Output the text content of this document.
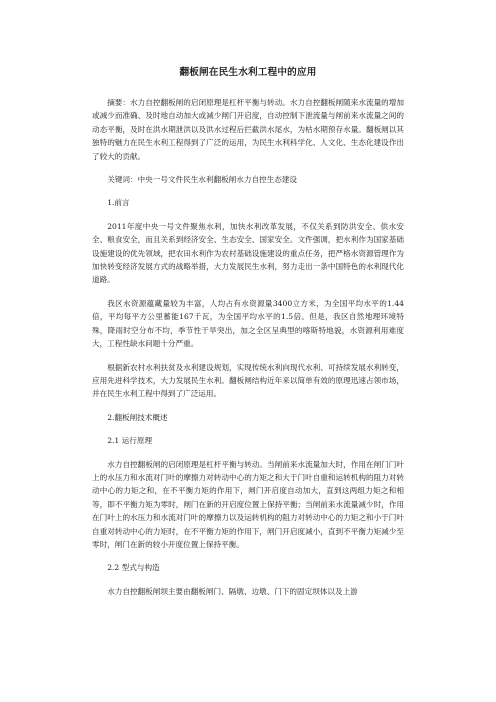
翻板闸在民生水利工程中的应用

摘要：水力自控翻板闸的启闭原理是杠杆平衡与转动。水力自控翻板闸随来水流量的增加或减少而准确、及时地自动加大或减少闸门开启度，自动控制下泄流量与闸前来水流量之间的动态平衡，及时在洪水期泄洪以及洪水过程后拦截洪水尾水，为枯水期预存水量。翻板闸以其独特的魅力在民生水利工程得到了广泛的运用，为民生水利科学化、人文化、生态化建设作出了较大的贡献。

关键词：中央一号文件民生水利翻板闸水力自控生态建设

1.前言

2011年度中央一号文件聚焦水利，加快水利改革发展，不仅关系到防洪安全、供水安全、粮食安全，而且关系到经济安全、生态安全、国家安全。文件强调，把水利作为国家基础设施建设的优先领域，把农田水利作为农村基础设施建设的重点任务，把严格水资源管理作为加快转变经济发展方式的战略举措，大力发展民生水利，努力走出一条中国特色的水利现代化道路。

我区水资源蕴藏量较为丰富，人均占有水资源量3400立方米，为全国平均水平的1.44倍，平均每平方公里蓄能167千瓦，为全国平均水平的1.5倍。但是，我区自然地理环境特殊，降雨时空分布不均，季节性干旱突出，加之全区呈典型的喀斯特地貌，水资源利用难度大，工程性缺水问题十分严重。

根据新农村水利扶贫及水利建设规划，实现传统水利向现代水利、可持续发展水利转变，应用先进科学技术，大力发展民生水利。翻板闸结构近年来以简单有效的原理迅速占领市场，并在民生水利工程中得到了广泛运用。

2.翻板闸技术概述

2.1 运行原理

水力自控翻板闸的启闭原理是杠杆平衡与转动。当闸前来水流量加大时，作用在闸门门叶上的水压力和水流对门叶的摩擦力对转动中心的力矩之和大于门叶自重和运转机构的阻力对转动中心的力矩之和，在不平衡力矩的作用下，闸门开启度自动加大，直到这两组力矩之和相等，即不平衡力矩为零时，闸门在新的开启度位置上保持平衡；当闸前来水流量减少时，作用在门叶上的水压力和水流对门叶的摩擦力以及运转机构的阻力对转动中心的力矩之和小于门叶自重对转动中心的力矩时，在不平衡力矩的作用下，闸门开启度减小，直到不平衡力矩减少至零时，闸门在新的较小开度位置上保持平衡。

2.2 型式与构造

水力自控翻板闸坝主要由翻板闸门、隔墩、边墩、门下的固定坝体以及上游
